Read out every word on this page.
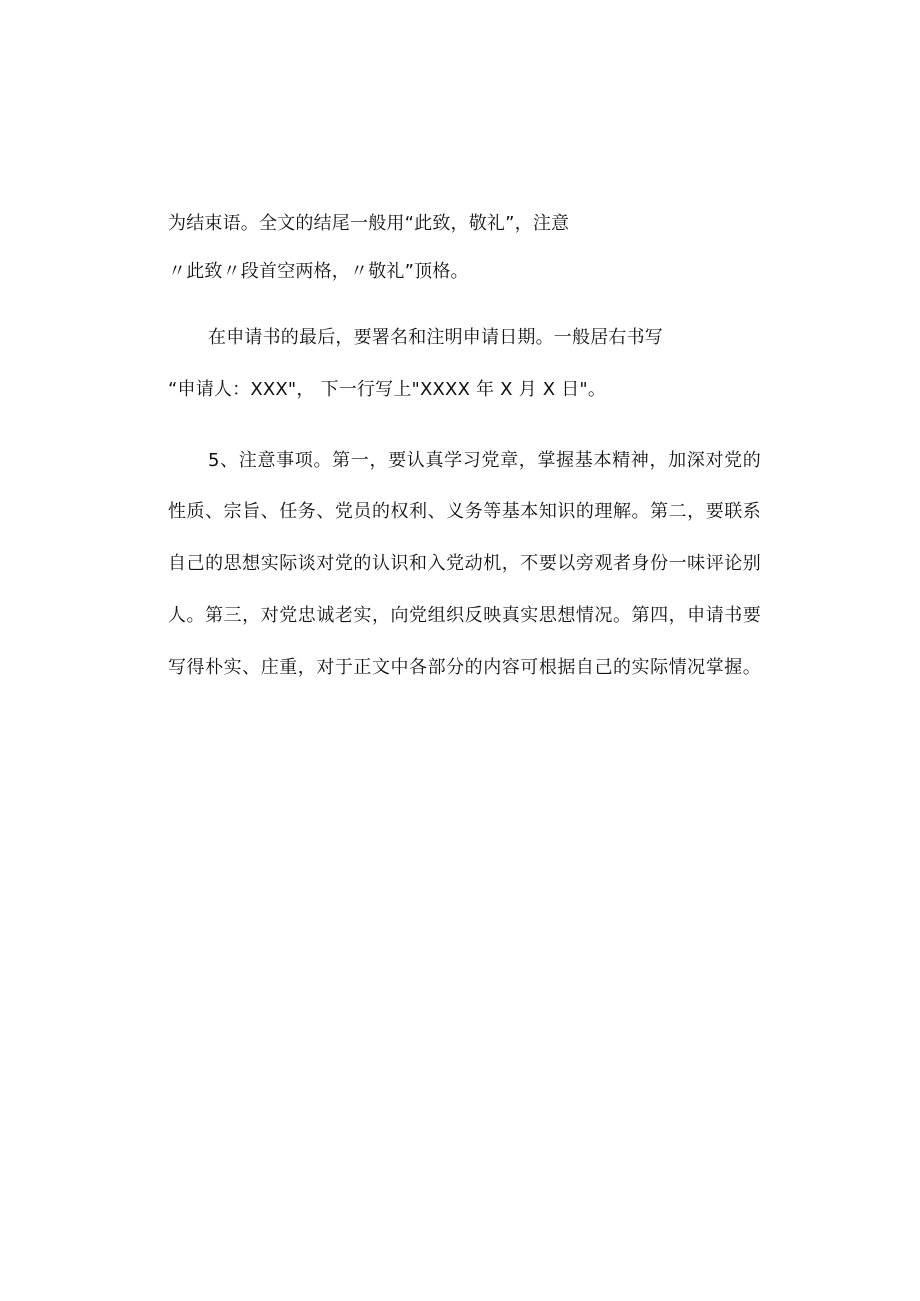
为结束语。全文的结尾一般用“此致，敬礼”，注意
〃此致〃段首空两格，〃敬礼”顶格。
在申请书的最后，要署名和注明申请日期。一般居右书写
“申请人：XXX"， 下一行写上"XXXX 年 X 月 X 日"。
5、注意事项。第一，要认真学习党章，掌握基本精神，加深对党的
性质、宗旨、任务、党员的权利、义务等基本知识的理解。第二，要联系
自己的思想实际谈对党的认识和入党动机，不要以旁观者身份一味评论别
人。第三，对党忠诚老实，向党组织反映真实思想情况。第四，申请书要
写得朴实、庄重，对于正文中各部分的内容可根据自己的实际情况掌握。
